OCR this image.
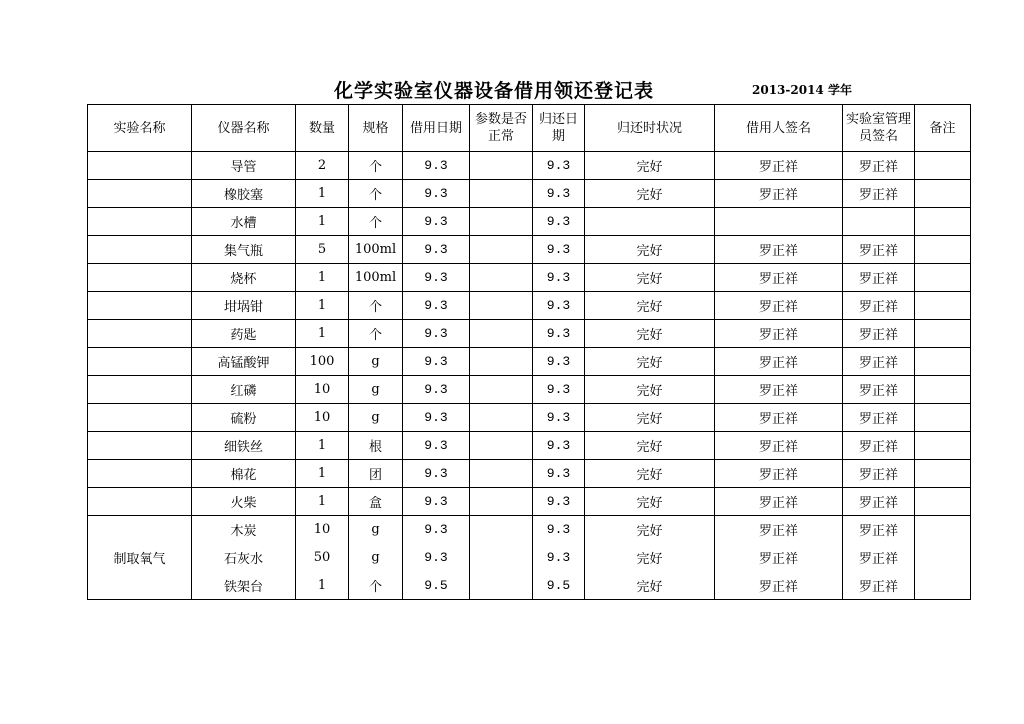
化学实验室仪器设备借用领还登记表	2013-2014 学年
实验名称	仪器名称	数量	规格	借用日期	参数是否正常	归还日期	归还时状况	借用人签名	实验室管理员签名	备注
	导管	2	个	9.3		9.3	完好	罗正祥	罗正祥	
	橡胶塞	1	个	9.3		9.3	完好	罗正祥	罗正祥	
	水槽	1	个	9.3		9.3				
	集气瓶	5	100ml	9.3		9.3	完好	罗正祥	罗正祥	
	烧杯	1	100ml	9.3		9.3	完好	罗正祥	罗正祥	
	坩埚钳	1	个	9.3		9.3	完好	罗正祥	罗正祥	
	药匙	1	个	9.3		9.3	完好	罗正祥	罗正祥	
	高锰酸钾	100	g	9.3		9.3	完好	罗正祥	罗正祥	
	红磷	10	g	9.3		9.3	完好	罗正祥	罗正祥	
	硫粉	10	g	9.3		9.3	完好	罗正祥	罗正祥	
	细铁丝	1	根	9.3		9.3	完好	罗正祥	罗正祥	
	棉花	1	团	9.3		9.3	完好	罗正祥	罗正祥	
	火柴	1	盒	9.3		9.3	完好	罗正祥	罗正祥	
制取氧气	木炭	10	g	9.3		9.3	完好	罗正祥	罗正祥	
	石灰水	50	g	9.3		9.3	完好	罗正祥	罗正祥	
	铁架台	1	个	9.5		9.5	完好	罗正祥	罗正祥	
